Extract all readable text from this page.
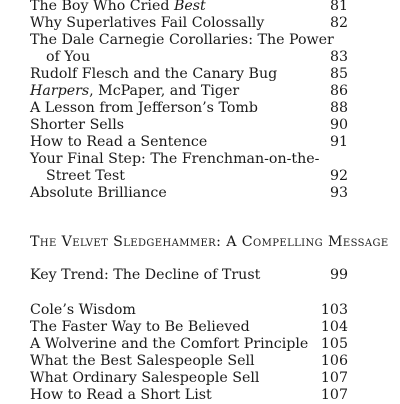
The Boy Who Cried Best	81
Why Superlatives Fail Colossally	82
The Dale Carnegie Corollaries: The Power
of You	83
Rudolf Flesch and the Canary Bug	85
Harpers, McPaper, and Tiger	86
A Lesson from Jefferson’s Tomb	88
Shorter Sells	90
How to Read a Sentence	91
Your Final Step: The Frenchman-on-the-
Street Test	92
Absolute Brilliance	93
The Velvet Sledgehammer: A Compelling Message
Key Trend: The Decline of Trust	99
Cole’s Wisdom	103
The Faster Way to Be Believed	104
A Wolverine and the Comfort Principle 105
What the Best Salespeople Sell	106
What Ordinary Salespeople Sell	107
How to Read a Short List	107
